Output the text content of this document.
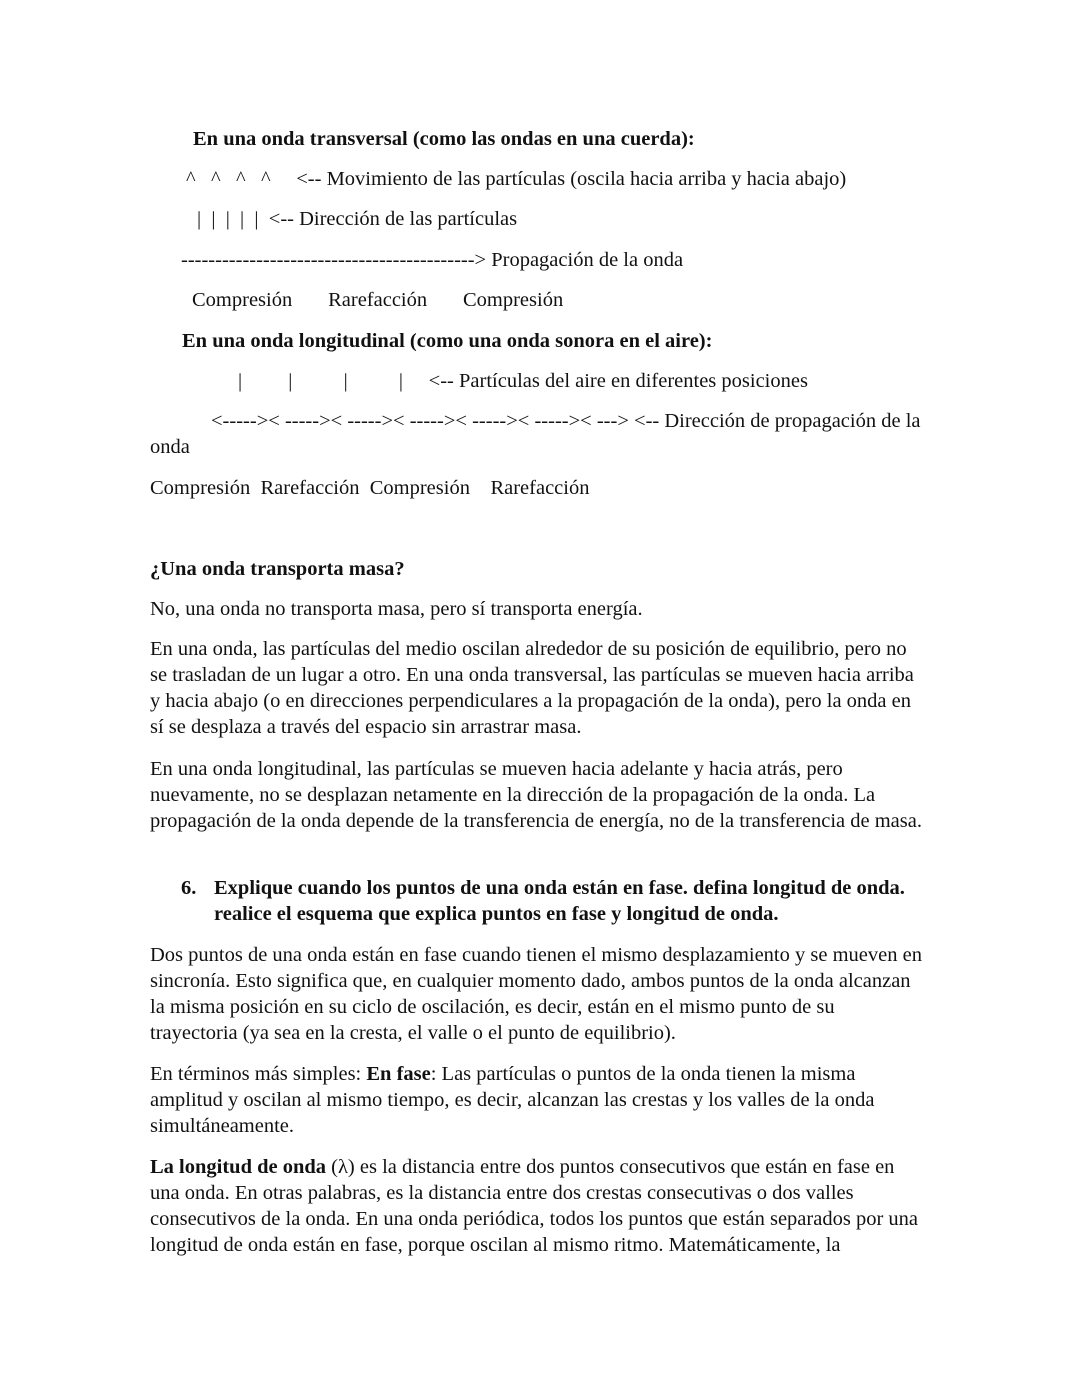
En una onda transversal (como las ondas en una cuerda):
^   ^   ^   ^     <-- Movimiento de las partículas (oscila hacia arriba y hacia abajo)
|  |  |  |  |  <-- Dirección de las partículas
-------------------------------------------> Propagación de la onda
Compresión       Rarefacción       Compresión
En una onda longitudinal (como una onda sonora en el aire):
|         |          |          |     <-- Partículas del aire en diferentes posiciones
<----->< ----->< ----->< ----->< ----->< ----->< ---> <-- Dirección de propagación de la
onda
Compresión  Rarefacción  Compresión    Rarefacción
¿Una onda transporta masa?
No, una onda no transporta masa, pero sí transporta energía.

En una onda, las partículas del medio oscilan alrededor de su posición de equilibrio, pero no se trasladan de un lugar a otro. En una onda transversal, las partículas se mueven hacia arriba y hacia abajo (o en direcciones perpendiculares a la propagación de la onda), pero la onda en sí se desplaza a través del espacio sin arrastrar masa.

En una onda longitudinal, las partículas se mueven hacia adelante y hacia atrás, pero nuevamente, no se desplazan netamente en la dirección de la propagación de la onda. La propagación de la onda depende de la transferencia de energía, no de la transferencia de masa.

6. Explique cuando los puntos de una onda están en fase. defina longitud de onda. realice el esquema que explica puntos en fase y longitud de onda.

Dos puntos de una onda están en fase cuando tienen el mismo desplazamiento y se mueven en sincronía. Esto significa que, en cualquier momento dado, ambos puntos de la onda alcanzan la misma posición en su ciclo de oscilación, es decir, están en el mismo punto de su trayectoria (ya sea en la cresta, el valle o el punto de equilibrio).

En términos más simples: En fase: Las partículas o puntos de la onda tienen la misma amplitud y oscilan al mismo tiempo, es decir, alcanzan las crestas y los valles de la onda simultáneamente.

La longitud de onda (λ) es la distancia entre dos puntos consecutivos que están en fase en una onda. En otras palabras, es la distancia entre dos crestas consecutivas o dos valles consecutivos de la onda. En una onda periódica, todos los puntos que están separados por una longitud de onda están en fase, porque oscilan al mismo ritmo. Matemáticamente, la
